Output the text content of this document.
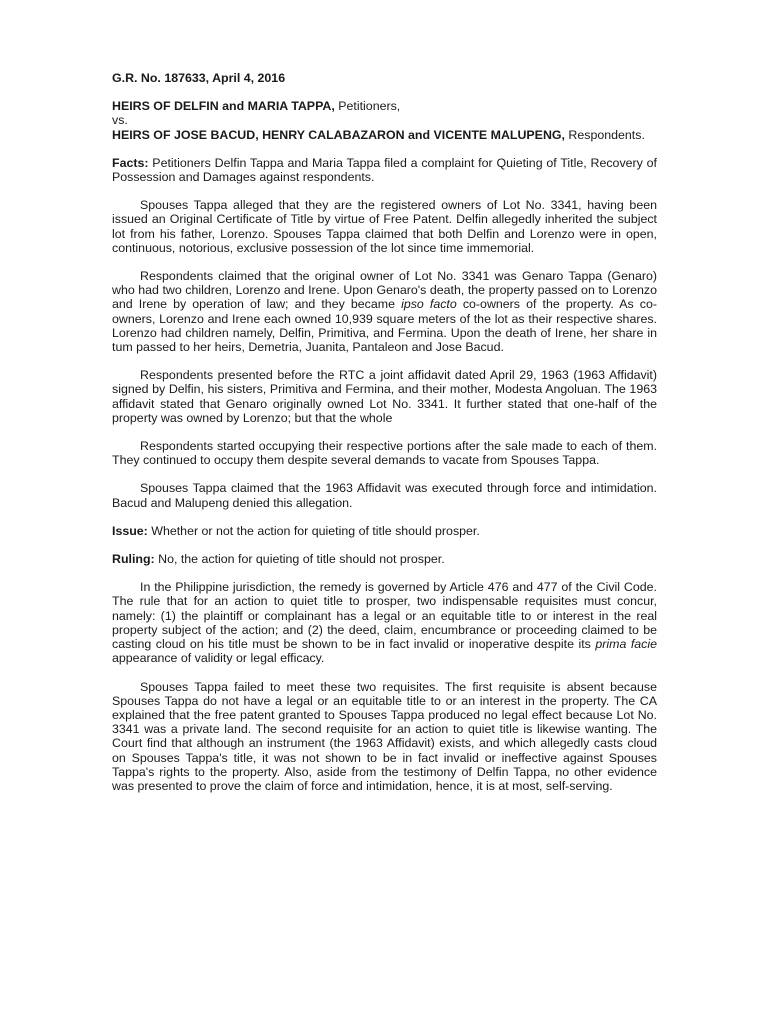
G.R. No. 187633, April 4, 2016

HEIRS OF DELFIN and MARIA TAPPA, Petitioners,

vs.

HEIRS OF JOSE BACUD, HENRY CALABAZARON and VICENTE MALUPENG, Respondents.

Facts: Petitioners Delfin Tappa and Maria Tappa filed a complaint for Quieting of Title, Recovery of Possession and Damages against respondents.

Spouses Tappa alleged that they are the registered owners of Lot No. 3341, having been issued an Original Certificate of Title by virtue of Free Patent. Delfin allegedly inherited the subject lot from his father, Lorenzo. Spouses Tappa claimed that both Delfin and Lorenzo were in open, continuous, notorious, exclusive possession of the lot since time immemorial.

Respondents claimed that the original owner of Lot No. 3341 was Genaro Tappa (Genaro) who had two children, Lorenzo and Irene. Upon Genaro's death, the property passed on to Lorenzo and Irene by operation of law; and they became ipso facto co-owners of the property. As co-owners, Lorenzo and Irene each owned 10,939 square meters of the lot as their respective shares. Lorenzo had children namely, Delfin, Primitiva, and Fermina. Upon the death of Irene, her share in tum passed to her heirs, Demetria, Juanita, Pantaleon and Jose Bacud.

Respondents presented before the RTC a joint affidavit dated April 29, 1963 (1963 Affidavit) signed by Delfin, his sisters, Primitiva and Fermina, and their mother, Modesta Angoluan. The 1963 affidavit stated that Genaro originally owned Lot No. 3341. It further stated that one-half of the property was owned by Lorenzo; but that the whole

Respondents started occupying their respective portions after the sale made to each of them. They continued to occupy them despite several demands to vacate from Spouses Tappa.

Spouses Tappa claimed that the 1963 Affidavit was executed through force and intimidation. Bacud and Malupeng denied this allegation.

Issue: Whether or not the action for quieting of title should prosper.

Ruling: No, the action for quieting of title should not prosper.

In the Philippine jurisdiction, the remedy is governed by Article 476 and 477 of the Civil Code. The rule that for an action to quiet title to prosper, two indispensable requisites must concur, namely: (1) the plaintiff or complainant has a legal or an equitable title to or interest in the real property subject of the action; and (2) the deed, claim, encumbrance or proceeding claimed to be casting cloud on his title must be shown to be in fact invalid or inoperative despite its prima facie appearance of validity or legal efficacy.

Spouses Tappa failed to meet these two requisites. The first requisite is absent because Spouses Tappa do not have a legal or an equitable title to or an interest in the property. The CA explained that the free patent granted to Spouses Tappa produced no legal effect because Lot No. 3341 was a private land. The second requisite for an action to quiet title is likewise wanting. The Court find that although an instrument (the 1963 Affidavit) exists, and which allegedly casts cloud on Spouses Tappa's title, it was not shown to be in fact invalid or ineffective against Spouses Tappa's rights to the property. Also, aside from the testimony of Delfin Tappa, no other evidence was presented to prove the claim of force and intimidation, hence, it is at most, self-serving.
